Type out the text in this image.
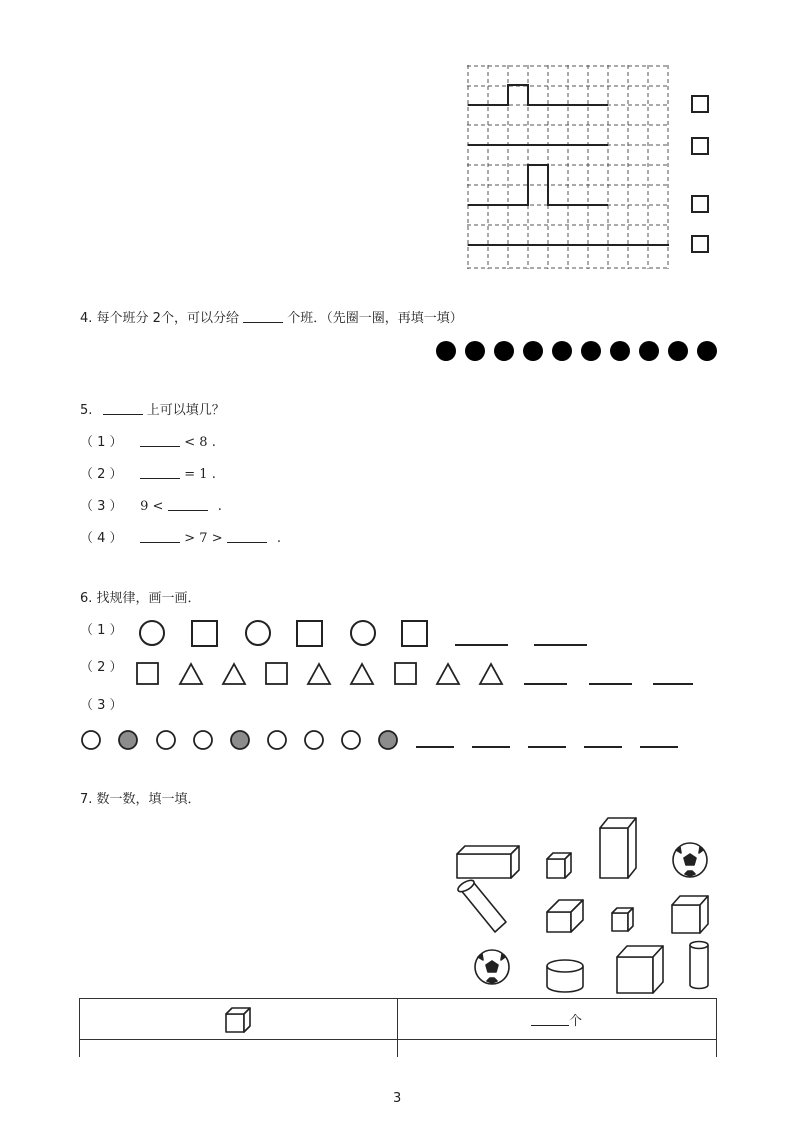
4. 每个班分 2个，可以分给	个班．（先圈一圈，再填一填）
5.	上可以填几？
（ 1 ）	< 8 .
（ 2 ）	= 1 .
（ 3 ） 9 <	.
（ 4 ）	> 7 >	.
6. 找规律，画一画．
（ 1 ）
（ 2 ）
（ 3 ）
7. 数一数，填一填．
个
3
